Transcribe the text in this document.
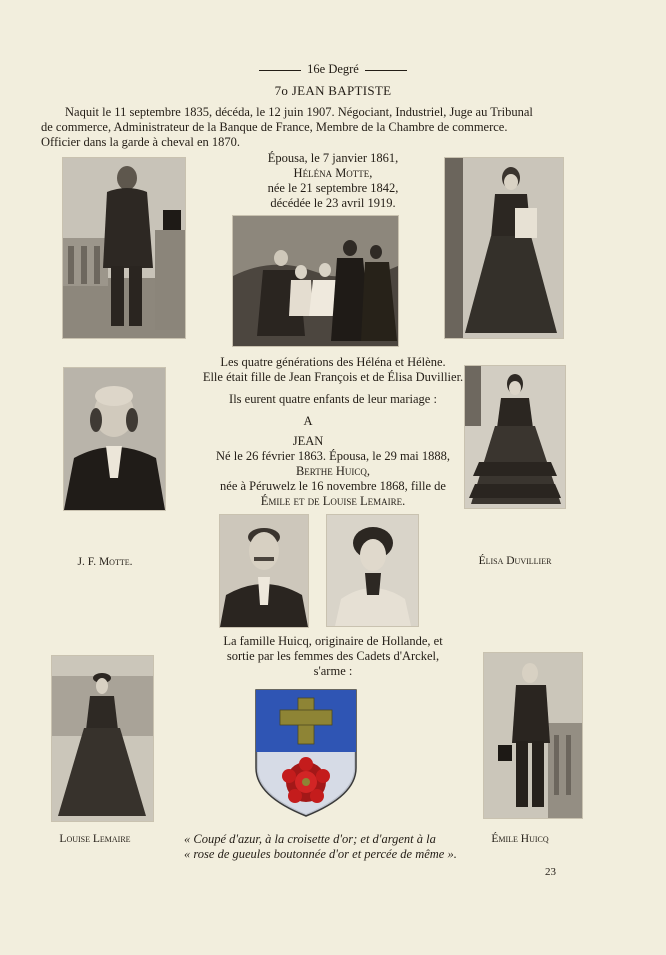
16e Degré
7o JEAN BAPTISTE
Naquit le 11 septembre 1835, décéda, le 12 juin 1907. Négociant, Industriel, Juge au Tribunal
de commerce, Administrateur de la Banque de France, Membre de la Chambre de commerce.
Officier dans la garde à cheval en 1870.
Épousa, le 7 janvier 1861,
Héléna Motte,
née le 21 septembre 1842,
décédée le 23 avril 1919.
Les quatre générations des Héléna et Hélène.
Elle était fille de Jean François et de Élisa Duvillier.
Ils eurent quatre enfants de leur mariage :
A
JEAN
Né le 26 février 1863. Épousa, le 29 mai 1888,
Berthe Huicq,
née à Péruwelz le 16 novembre 1868, fille de
Émile et de Louise Lemaire.
J. F. Motte.	Élisa Duvillier
La famille Huicq, originaire de Hollande, et
sortie par les femmes des Cadets d'Arckel,
s'arme :
Louise Lemaire	Émile Huicq
« Coupé d'azur, à la croisette d'or; et d'argent à la
« rose de gueules boutonnée d'or et percée de même ».
23
